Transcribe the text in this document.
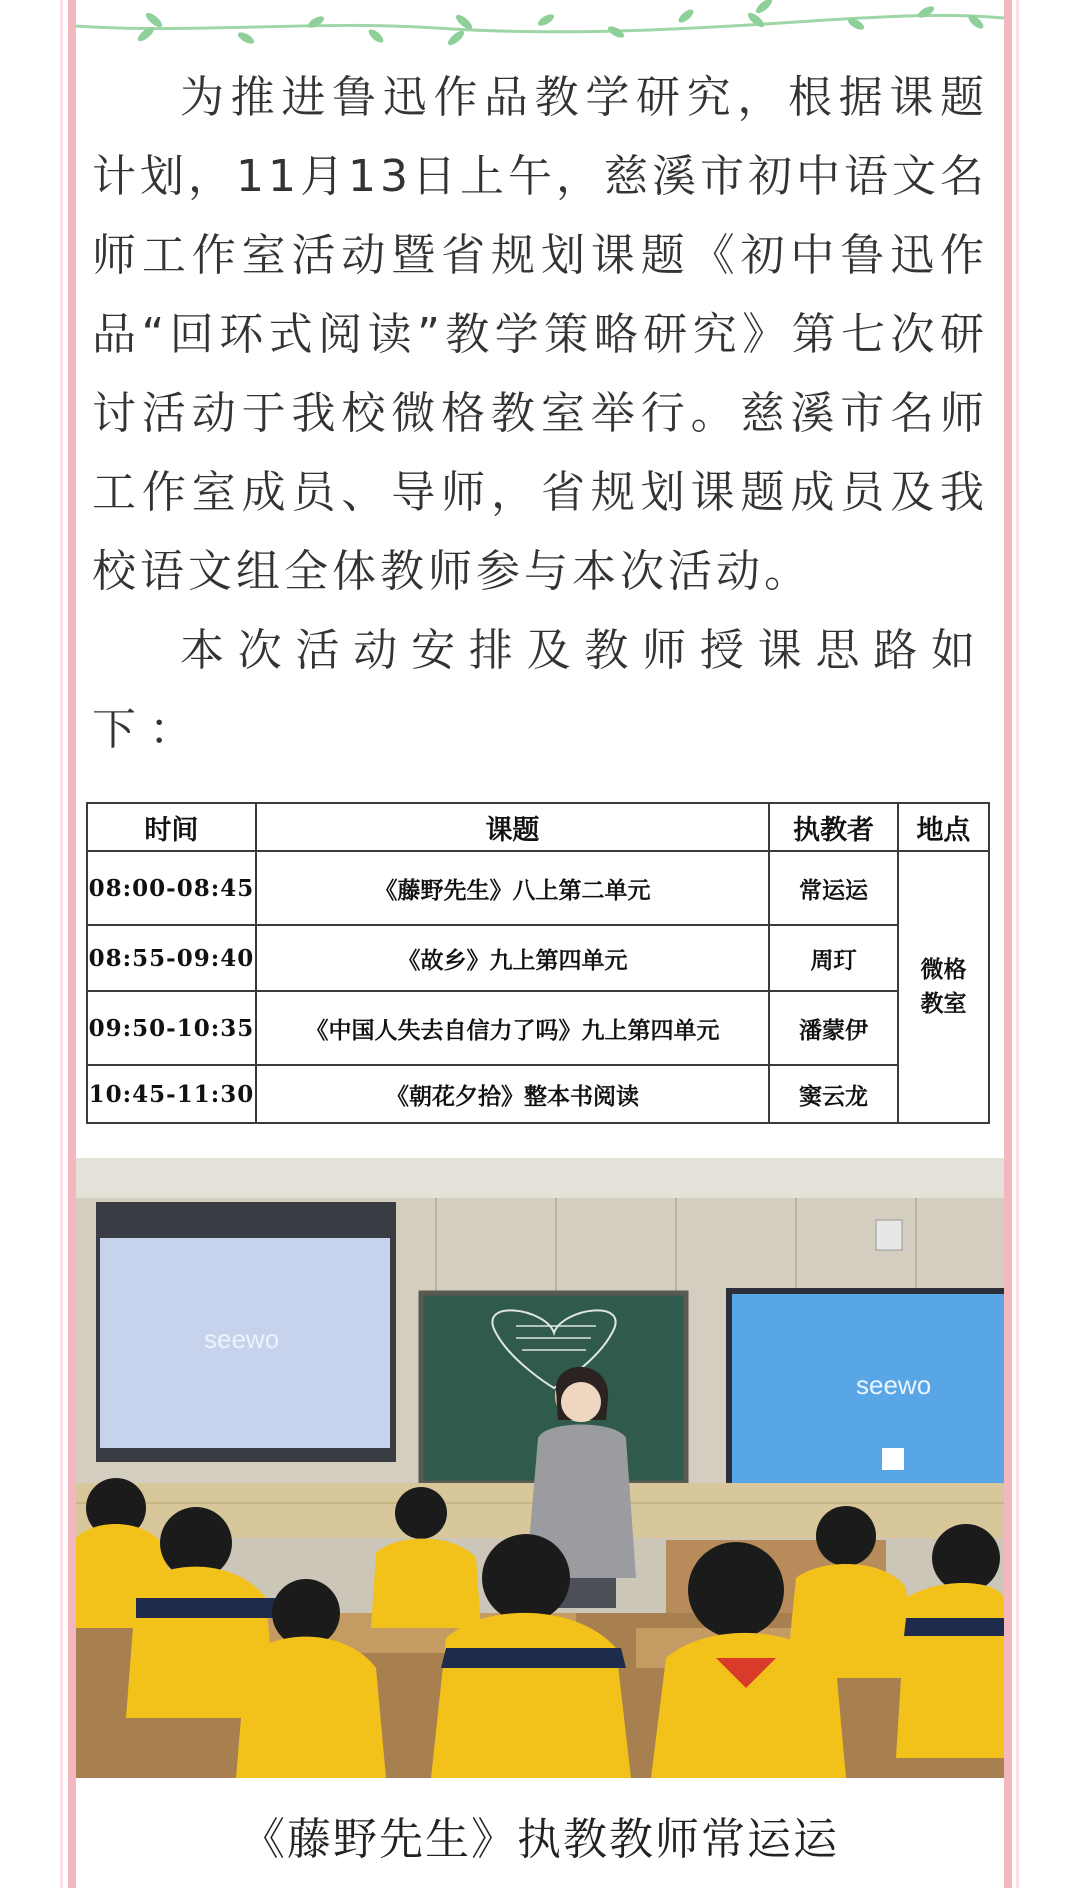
为推进鲁迅作品教学研究，根据课题计划，11月13日上午，慈溪市初中语文名师工作室活动暨省规划课题《初中鲁迅作品“回环式阅读”教学策略研究》第七次研讨活动于我校微格教室举行。慈溪市名师工作室成员、导师，省规划课题成员及我校语文组全体教师参与本次活动。

本次活动安排及教师授课思路如下：

时间	课题	执教者	地点
08:00-08:45	《藤野先生》八上第二单元	常运运	微格
教室
08:55-09:40	《故乡》九上第四单元	周玎	
09:50-10:35	《中国人失去自信力了吗》九上第四单元	潘蒙伊	
10:45-11:30	《朝花夕拾》整本书阅读	窦云龙	
seewo
seewo
《藤野先生》执教教师常运运
